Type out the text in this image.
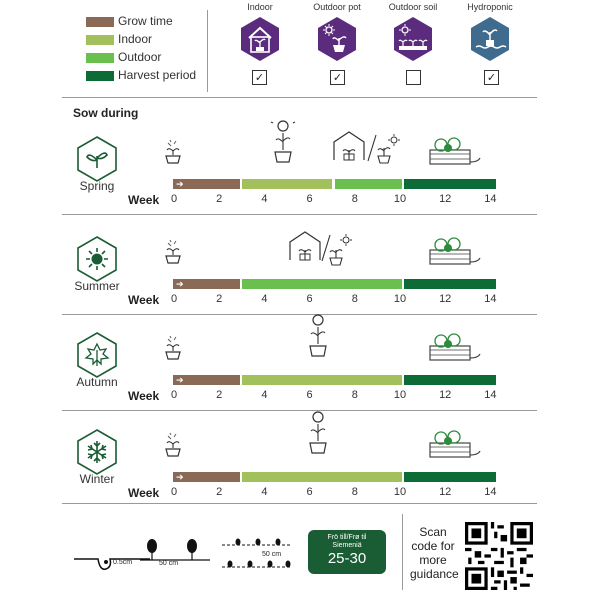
Grow time
Indoor
Outdoor
Harvest period
Indoor
✓
Outdoor pot
✓
Outdoor soil	Hydroponic
✓
Sow during
Spring	➔
Week	0	2	4	6	8	10	12	14
Summer	➔
Week	0	2	4	6	8	10	12	14
Autumn	➔
Week	0	2	4	6	8	10	12	14
Winter	➔
Week	0	2	4	6	8	10	12	14
0.5cm	50 cm
50 cm
Frö till/Frø til Siemeniä
25-30
Scan code for more guidance
